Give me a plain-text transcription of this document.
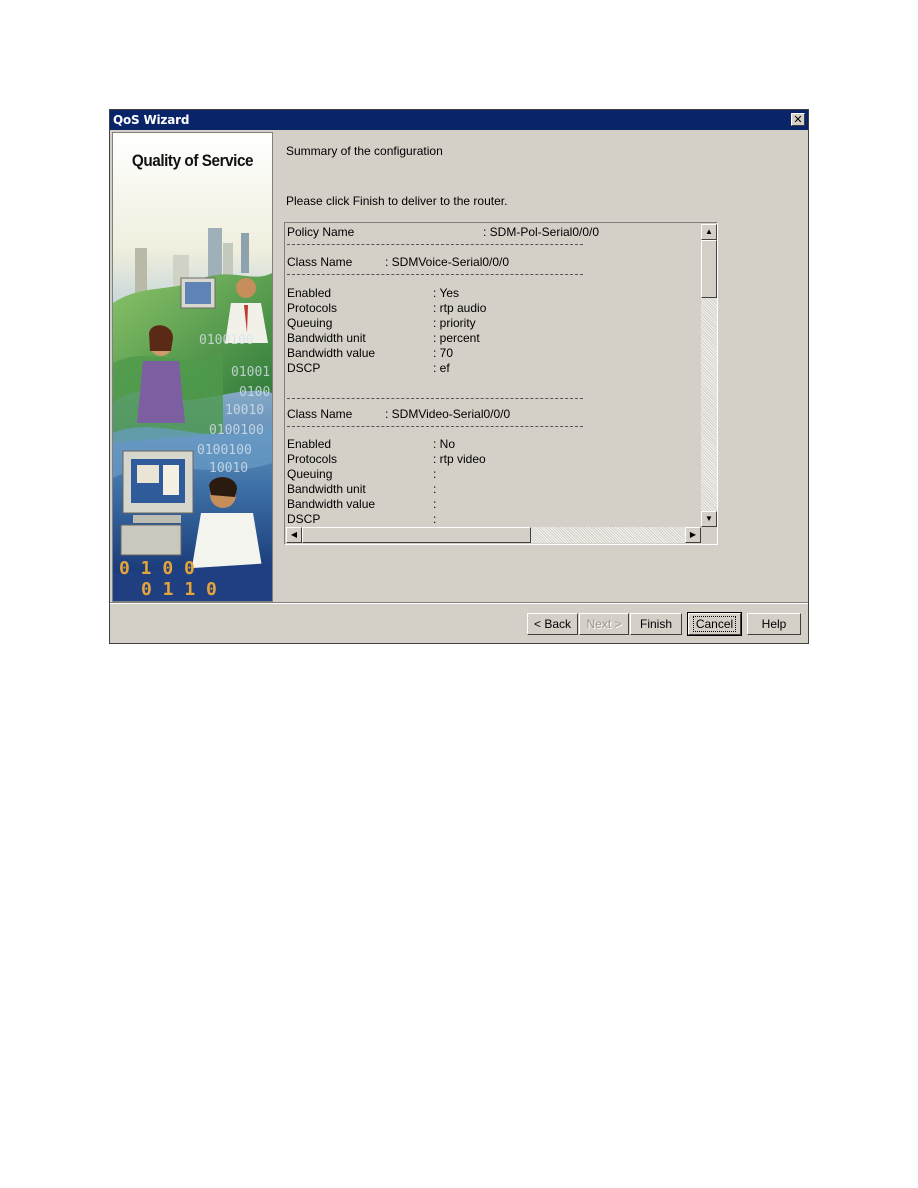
QoS Wizard	✕
Quality of Service
0100100
01001
0100
10010
0100100
0100100
10010
0 1 0 0
0 1 1 0
Summary of the configuration
Please click Finish to deliver to the router.
Policy Name	: SDM-Pol-Serial0/0/0
Class Name	: SDMVoice-Serial0/0/0
Enabled	: Yes
Protocols	: rtp audio
Queuing	: priority
Bandwidth unit	: percent
Bandwidth value	: 70
DSCP	: ef
Class Name	: SDMVideo-Serial0/0/0
Enabled	: No
Protocols	: rtp video
Queuing	:
Bandwidth unit	:
Bandwidth value	:
DSCP	:
▲
▼
◀	▶
< Back	Next >	Finish	Cancel	Help
